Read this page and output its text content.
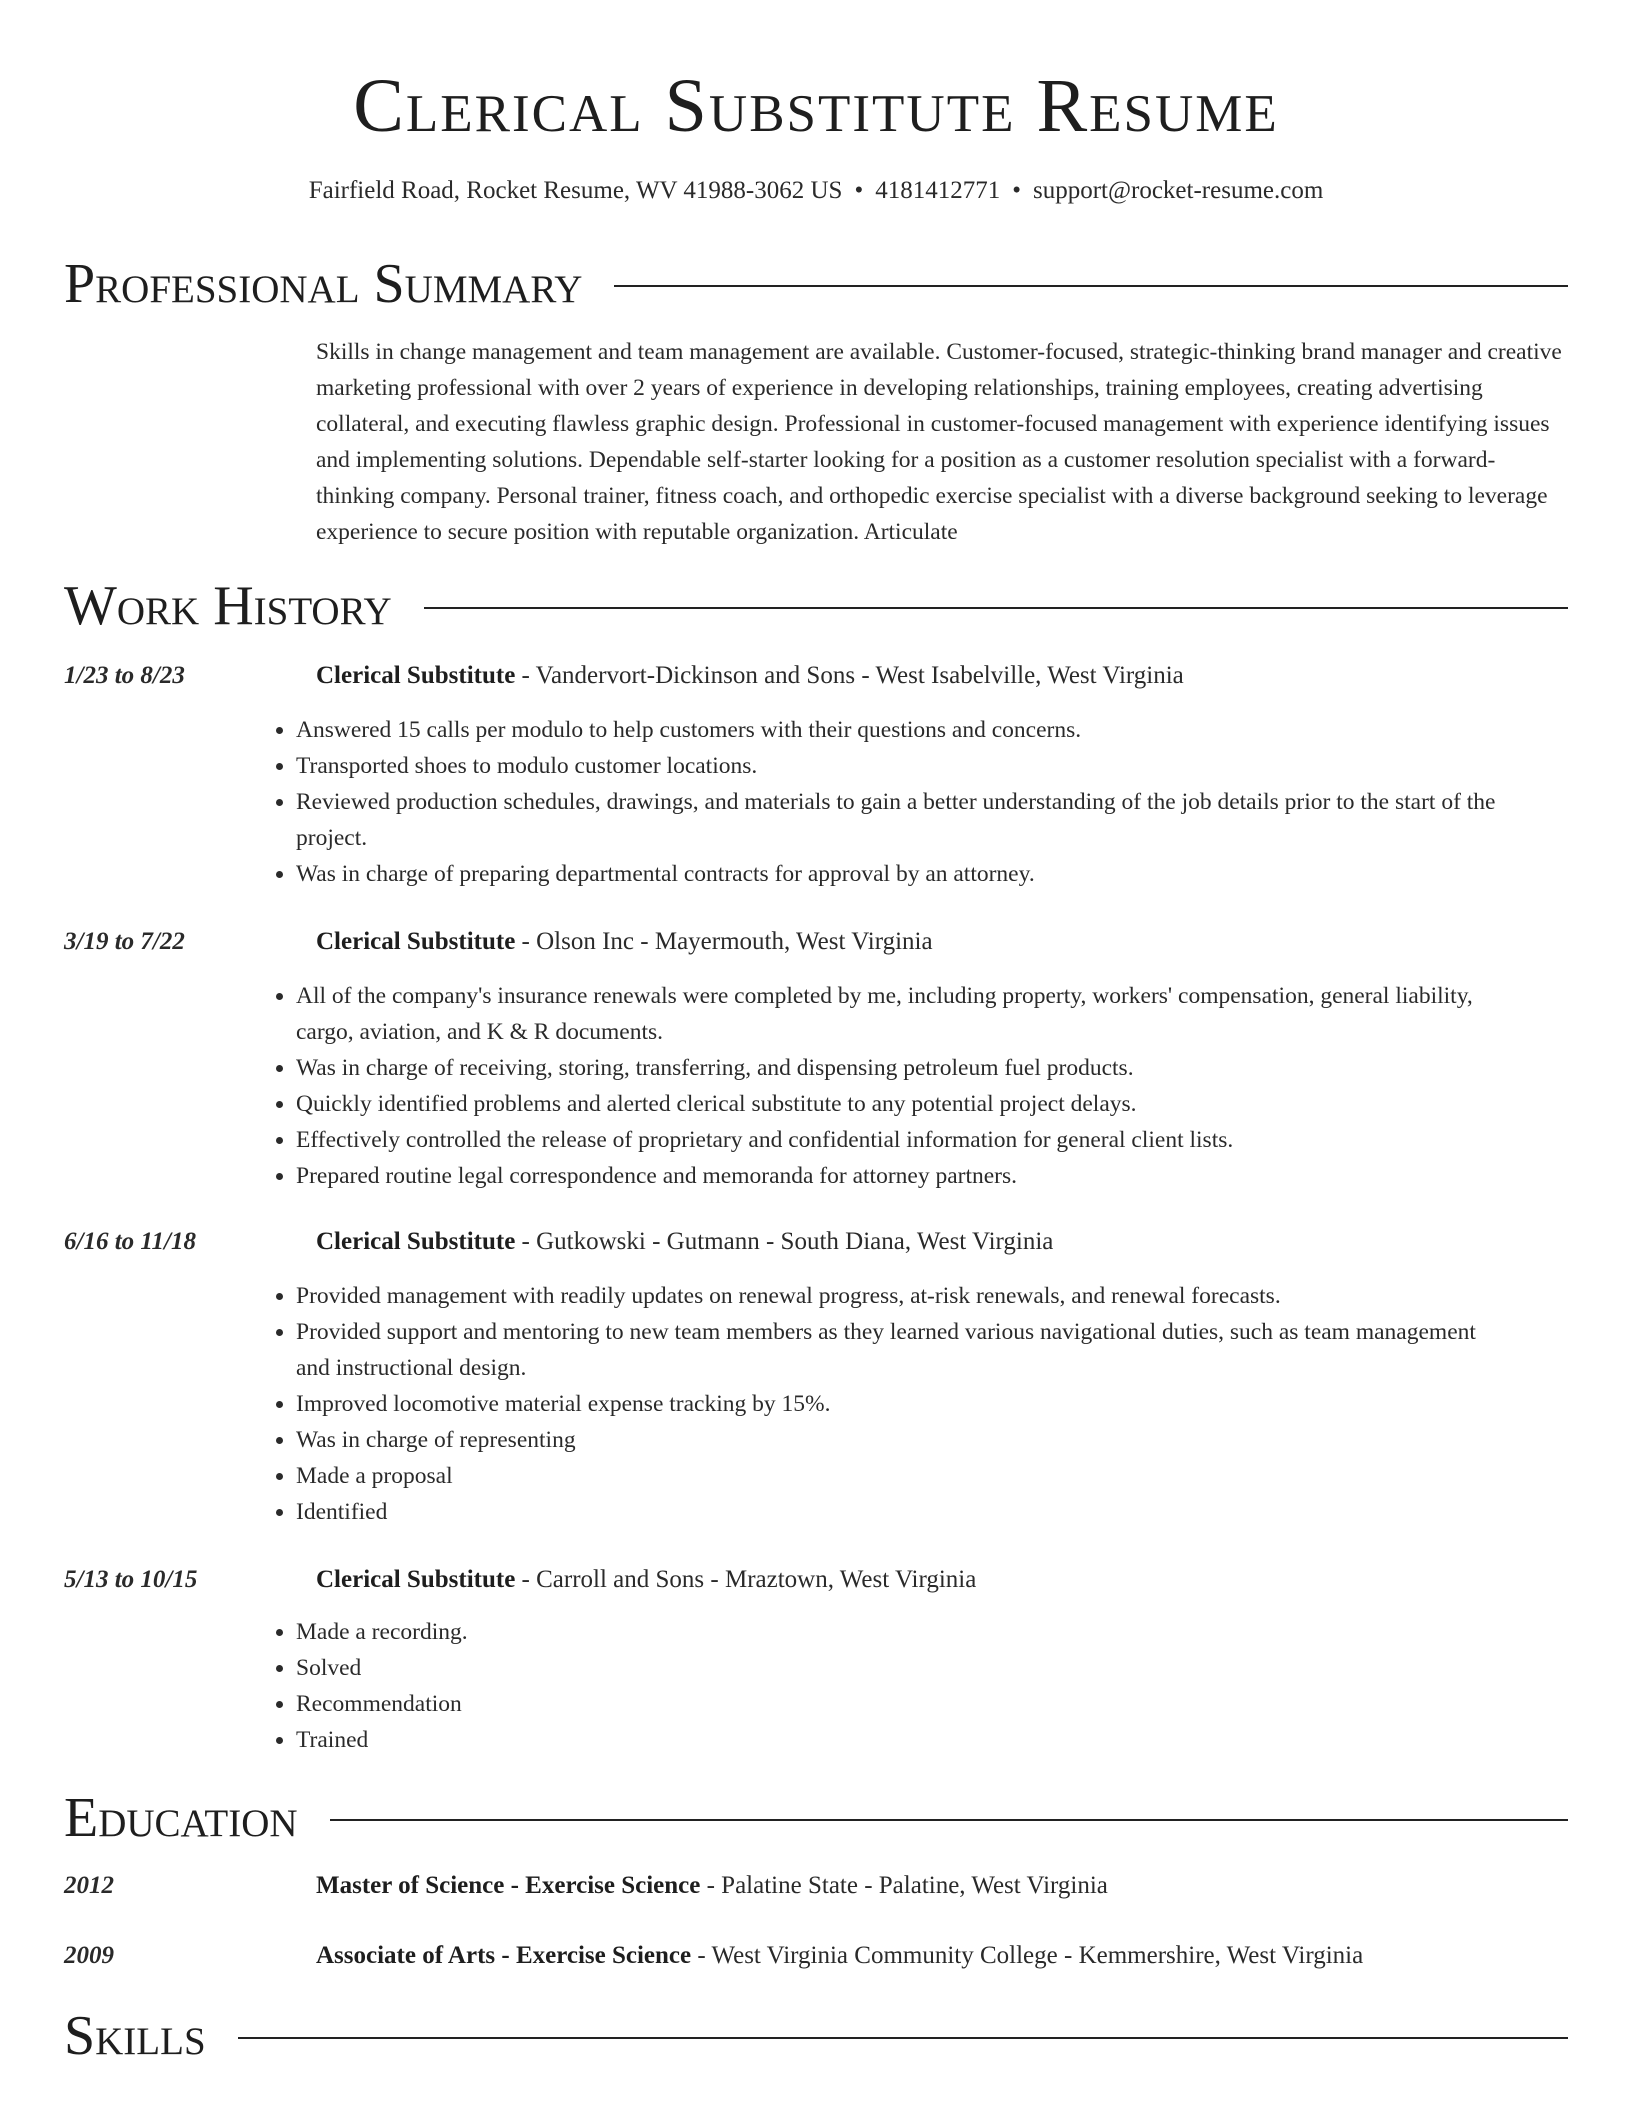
Clerical Substitute Resume
Fairfield Road, Rocket Resume, WV 41988-3062 US • 4181412771 • support@rocket-resume.com
Professional Summary
Skills in change management and team management are available. Customer-focused, strategic-thinking brand manager and creative marketing professional with over 2 years of experience in developing relationships, training employees, creating advertising collateral, and executing flawless graphic design. Professional in customer-focused management with experience identifying issues and implementing solutions. Dependable self-starter looking for a position as a customer resolution specialist with a forward-thinking company. Personal trainer, fitness coach, and orthopedic exercise specialist with a diverse background seeking to leverage experience to secure position with reputable organization. Articulate
Work History
1/23 to 8/23	Clerical Substitute - Vandervort-Dickinson and Sons - West Isabelville, West Virginia
• Answered 15 calls per modulo to help customers with their questions and concerns.
• Transported shoes to modulo customer locations.
• Reviewed production schedules, drawings, and materials to gain a better understanding of the job details prior to the start of the project.
• Was in charge of preparing departmental contracts for approval by an attorney.
3/19 to 7/22	Clerical Substitute - Olson Inc - Mayermouth, West Virginia
• All of the company's insurance renewals were completed by me, including property, workers' compensation, general liability, cargo, aviation, and K & R documents.
• Was in charge of receiving, storing, transferring, and dispensing petroleum fuel products.
• Quickly identified problems and alerted clerical substitute to any potential project delays.
• Effectively controlled the release of proprietary and confidential information for general client lists.
• Prepared routine legal correspondence and memoranda for attorney partners.
6/16 to 11/18	Clerical Substitute - Gutkowski - Gutmann - South Diana, West Virginia
• Provided management with readily updates on renewal progress, at-risk renewals, and renewal forecasts.
• Provided support and mentoring to new team members as they learned various navigational duties, such as team management and instructional design.
• Improved locomotive material expense tracking by 15%.
• Was in charge of representing
• Made a proposal
• Identified
5/13 to 10/15	Clerical Substitute - Carroll and Sons - Mraztown, West Virginia
• Made a recording.
• Solved
• Recommendation
• Trained
Education
2012	Master of Science - Exercise Science - Palatine State - Palatine, West Virginia
2009	Associate of Arts - Exercise Science - West Virginia Community College - Kemmershire, West Virginia
Skills
